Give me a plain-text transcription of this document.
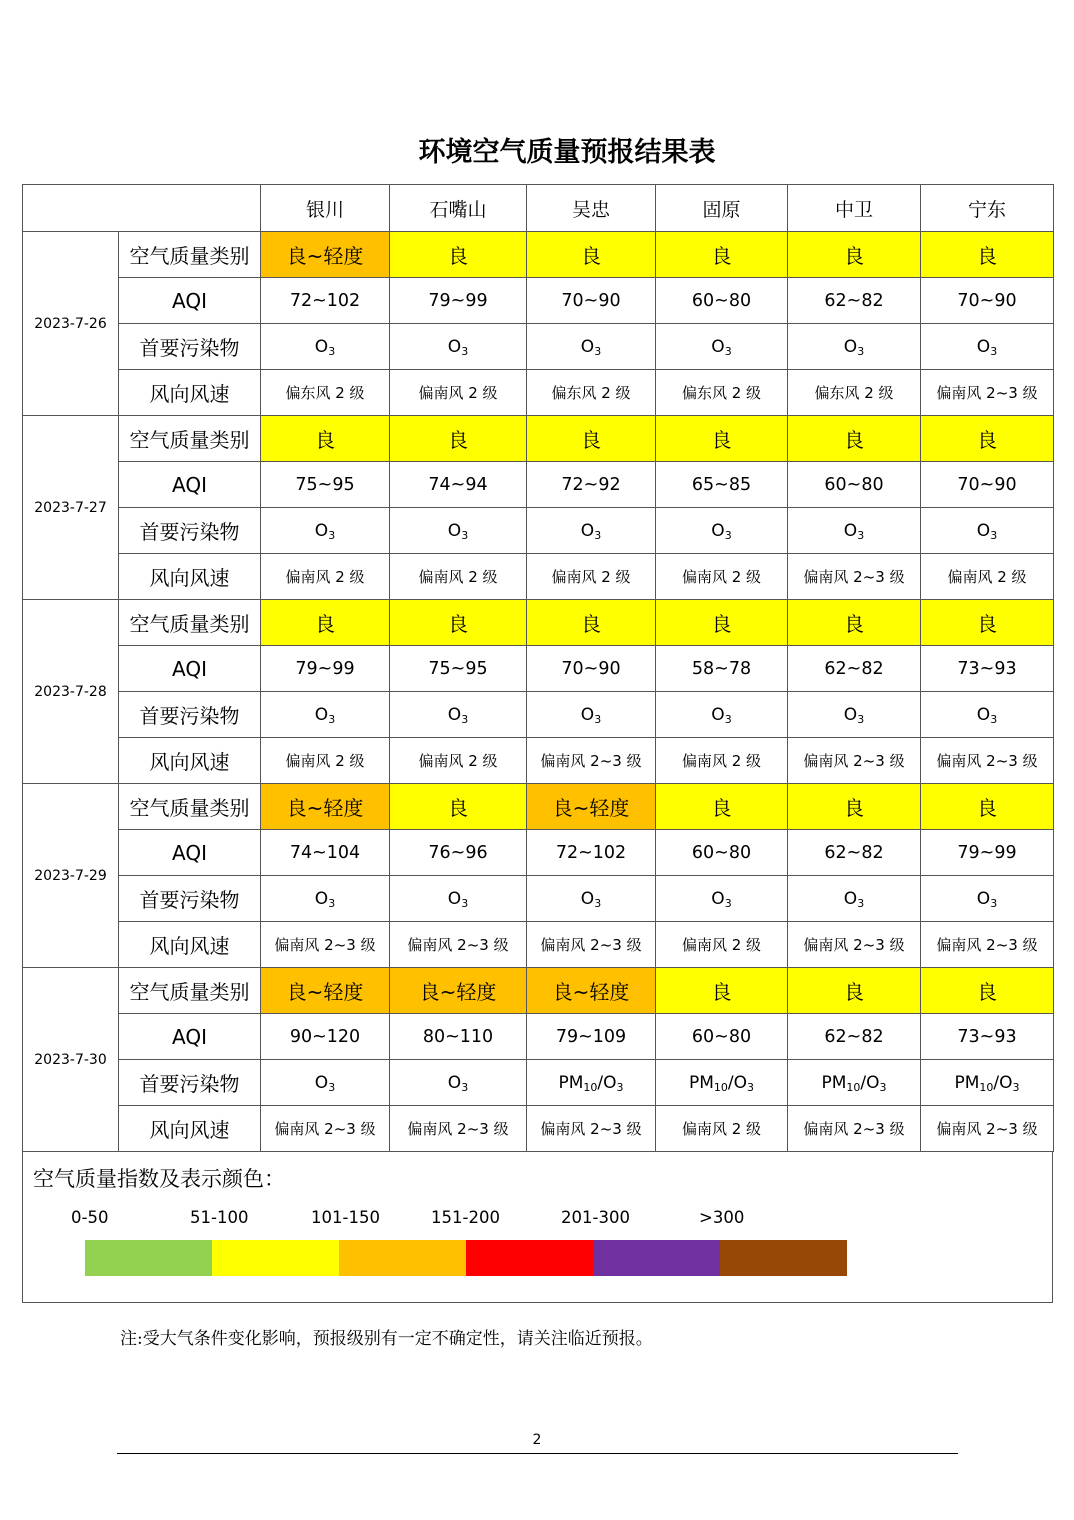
环境空气质量预报结果表
		银川	石嘴山	吴忠	固原	中卫	宁东
2023-7-26	空气质量类别	良~轻度	良	良	良	良	良
	AQI	72~102	79~99	70~90	60~80	62~82	70~90
	首要污染物	$O_3$	$O_3$	$O_3$	$O_3$	$O_3$	$O_3$
	风向风速	偏东风 2 级	偏南风 2 级	偏东风 2 级	偏东风 2 级	偏东风 2 级	偏南风 2~3 级
2023-7-27	空气质量类别	良	良	良	良	良	良
	AQI	75~95	74~94	72~92	65~85	60~80	70~90
	首要污染物	$O_3$	$O_3$	$O_3$	$O_3$	$O_3$	$O_3$
	风向风速	偏南风 2 级	偏南风 2 级	偏南风 2 级	偏南风 2 级	偏南风 2~3 级	偏南风 2 级
2023-7-28	空气质量类别	良	良	良	良	良	良
	AQI	79~99	75~95	70~90	58~78	62~82	73~93
	首要污染物	$O_3$	$O_3$	$O_3$	$O_3$	$O_3$	$O_3$
	风向风速	偏南风 2 级	偏南风 2 级	偏南风 2~3 级	偏南风 2 级	偏南风 2~3 级	偏南风 2~3 级
2023-7-29	空气质量类别	良~轻度	良	良~轻度	良	良	良
	AQI	74~104	76~96	72~102	60~80	62~82	79~99
	首要污染物	$O_3$	$O_3$	$O_3$	$O_3$	$O_3$	$O_3$
	风向风速	偏南风 2~3 级	偏南风 2~3 级	偏南风 2~3 级	偏南风 2 级	偏南风 2~3 级	偏南风 2~3 级
2023-7-30	空气质量类别	良~轻度	良~轻度	良~轻度	良	良	良
	AQI	90~120	80~110	79~109	60~80	62~82	73~93
	首要污染物	$O_3$	$O_3$	$PM_{10}/O_3$	$PM_{10}/O_3$	$PM_{10}/O_3$	$PM_{10}/O_3$
	风向风速	偏南风 2~3 级	偏南风 2~3 级	偏南风 2~3 级	偏南风 2 级	偏南风 2~3 级	偏南风 2~3 级
空气质量指数及表示颜色：
0-50	51-100	101-150	151-200	201-300	>300
注:受大气条件变化影响，预报级别有一定不确定性，请关注临近预报。
2
